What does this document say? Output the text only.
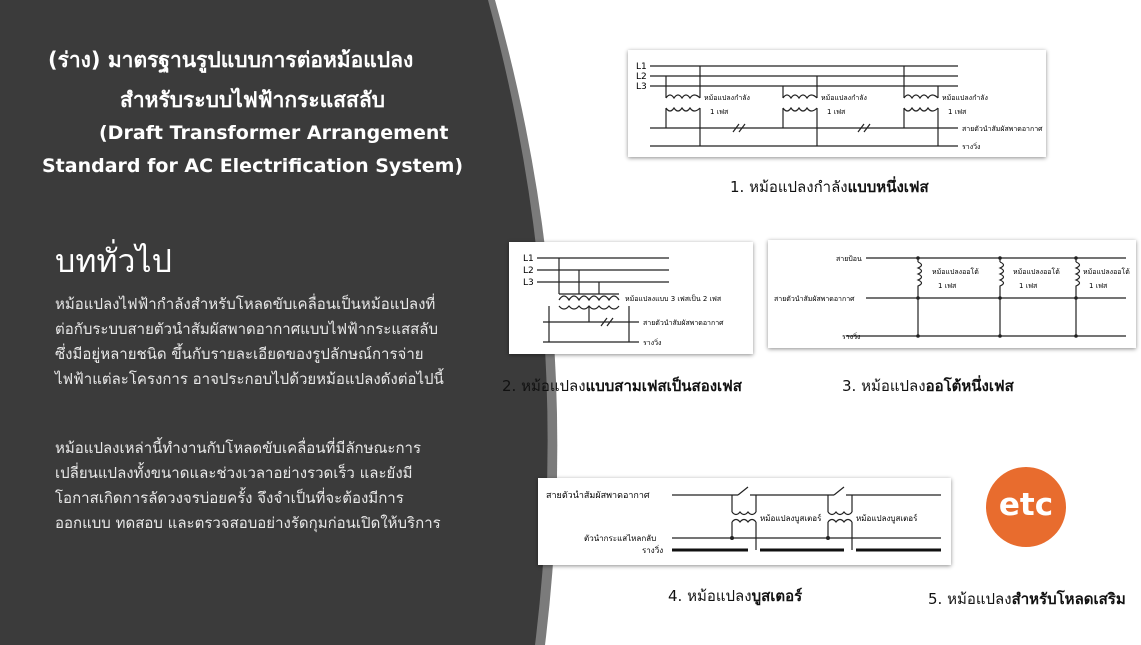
(ร่าง) มาตรฐานรูปแบบการต่อหม้อแปลง
สำหรับระบบไฟฟ้ากระแสสลับ
(Draft Transformer Arrangement
Standard for AC Electrification System)
บททั่วไป
หม้อแปลงไฟฟ้ากำลังสำหรับโหลดขับเคลื่อนเป็นหม้อแปลงที่ต่อกับระบบสายตัวนำสัมผัสพาดอากาศแบบไฟฟ้ากระแสสลับ ซึ่งมีอยู่หลายชนิด ขึ้นกับรายละเอียดของรูปลักษณ์การจ่ายไฟฟ้าแต่ละโครงการ อาจประกอบไปด้วยหม้อแปลงดังต่อไปนี้
หม้อแปลงเหล่านี้ทำงานกับโหลดขับเคลื่อนที่มีลักษณะการเปลี่ยนแปลงทั้งขนาดและช่วงเวลาอย่างรวดเร็ว และยังมีโอกาสเกิดการลัดวงจรบ่อยครั้ง จึงจำเป็นที่จะต้องมีการออกแบบ ทดสอบ และตรวจสอบอย่างรัดกุมก่อนเปิดให้บริการ
L1
L2
L3
หม้อแปลงกำลัง
1 เฟส
หม้อแปลงกำลัง
1 เฟส
หม้อแปลงกำลัง
1 เฟส
สายตัวนำสัมผัสพาดอากาศ
รางวิ่ง
1. หม้อแปลงกำลังแบบหนึ่งเฟส
L1
L2
L3
หม้อแปลงแบบ 3 เฟสเป็น 2 เฟส
สายตัวนำสัมผัสพาดอากาศ
รางวิ่ง
2. หม้อแปลงแบบสามเฟสเป็นสองเฟส
สายป้อน
สายตัวนำสัมผัสพาดอากาศ
รางวิ่ง
หม้อแปลงออโต้
1 เฟส
หม้อแปลงออโต้
1 เฟส
หม้อแปลงออโต้
1 เฟส
3. หม้อแปลงออโต้หนึ่งเฟส
สายตัวนำสัมผัสพาดอากาศ
หม้อแปลงบูสเตอร์	หม้อแปลงบูสเตอร์
ตัวนำกระแสไหลกลับ
รางวิ่ง
4. หม้อแปลงบูสเตอร์
etc
5. หม้อแปลงสำหรับโหลดเสริม
